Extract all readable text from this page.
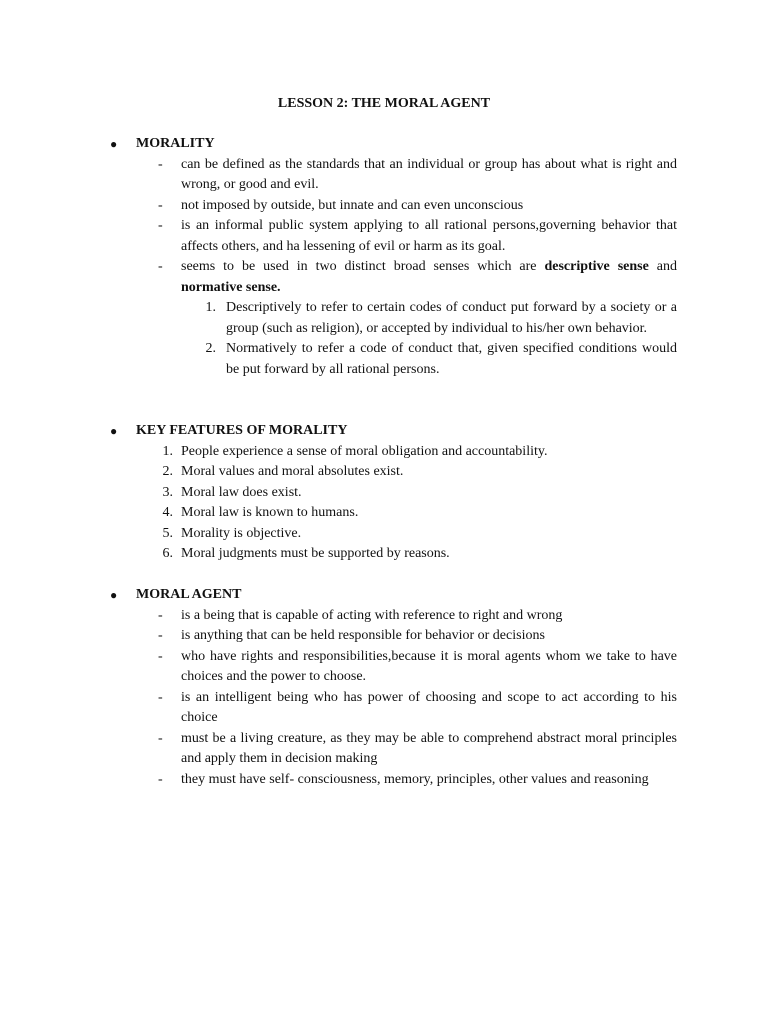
LESSON 2: THE MORAL AGENT
● MORALITY
- can be defined as the standards that an individual or group has about what is right and wrong, or good and evil.
- not imposed by outside, but innate and can even unconscious
- is an informal public system applying to all rational persons,governing behavior that affects others, and ha lessening of evil or harm as its goal.
- seems to be used in two distinct broad senses which are descriptive sense and normative sense.
1. Descriptively to refer to certain codes of conduct put forward by a society or a group (such as religion), or accepted by individual to his/her own behavior.
2. Normatively to refer a code of conduct that, given specified conditions would be put forward by all rational persons.
● KEY FEATURES OF MORALITY
1. People experience a sense of moral obligation and accountability.
2. Moral values and moral absolutes exist.
3. Moral law does exist.
4. Moral law is known to humans.
5. Morality is objective.
6. Moral judgments must be supported by reasons.
● MORAL AGENT
- is a being that is capable of acting with reference to right and wrong
- is anything that can be held responsible for behavior or decisions
- who have rights and responsibilities,because it is moral agents whom we take to have choices and the power to choose.
- is an intelligent being who has power of choosing and scope to act according to his choice
- must be a living creature, as they may be able to comprehend abstract moral principles and apply them in decision making
- they must have self- consciousness, memory, principles, other values and reasoning
